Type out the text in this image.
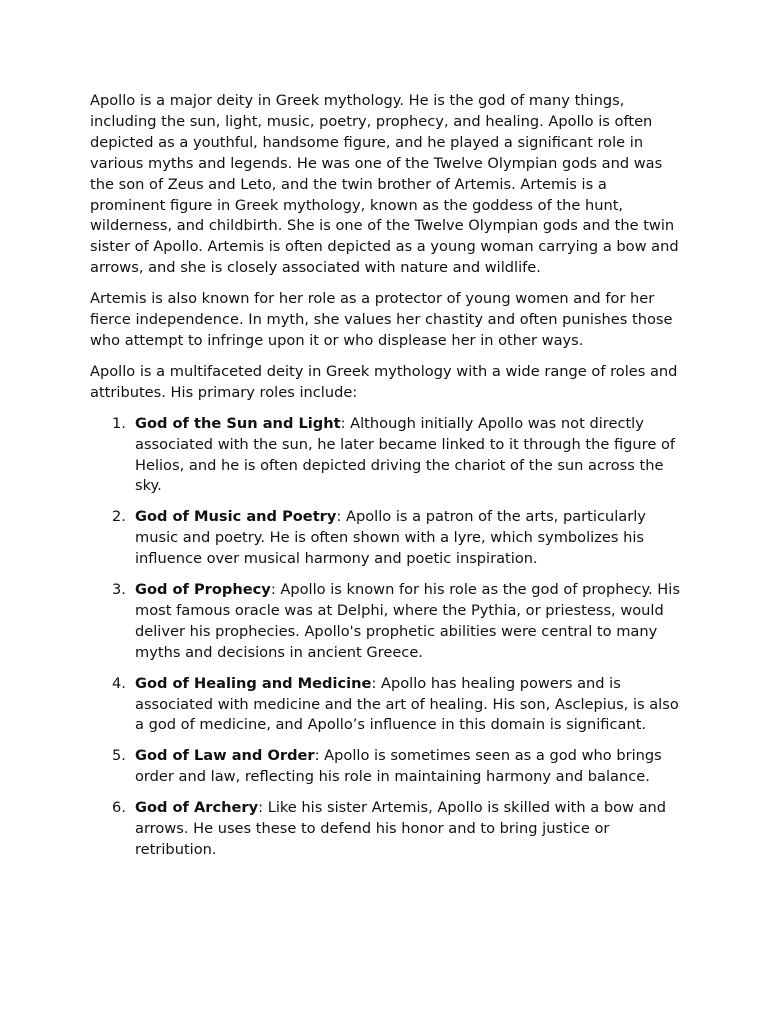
Apollo is a major deity in Greek mythology. He is the god of many things, including the sun, light, music, poetry, prophecy, and healing. Apollo is often depicted as a youthful, handsome figure, and he played a significant role in various myths and legends. He was one of the Twelve Olympian gods and was the son of Zeus and Leto, and the twin brother of Artemis. Artemis is a prominent figure in Greek mythology, known as the goddess of the hunt, wilderness, and childbirth. She is one of the Twelve Olympian gods and the twin sister of Apollo. Artemis is often depicted as a young woman carrying a bow and arrows, and she is closely associated with nature and wildlife.

Artemis is also known for her role as a protector of young women and for her fierce independence. In myth, she values her chastity and often punishes those who attempt to infringe upon it or who displease her in other ways.

Apollo is a multifaceted deity in Greek mythology with a wide range of roles and attributes. His primary roles include:

1. God of the Sun and Light: Although initially Apollo was not directly associated with the sun, he later became linked to it through the figure of Helios, and he is often depicted driving the chariot of the sun across the sky.
2. God of Music and Poetry: Apollo is a patron of the arts, particularly music and poetry. He is often shown with a lyre, which symbolizes his influence over musical harmony and poetic inspiration.
3. God of Prophecy: Apollo is known for his role as the god of prophecy. His most famous oracle was at Delphi, where the Pythia, or priestess, would deliver his prophecies. Apollo's prophetic abilities were central to many myths and decisions in ancient Greece.
4. God of Healing and Medicine: Apollo has healing powers and is associated with medicine and the art of healing. His son, Asclepius, is also a god of medicine, and Apollo’s influence in this domain is significant.
5. God of Law and Order: Apollo is sometimes seen as a god who brings order and law, reflecting his role in maintaining harmony and balance.
6. God of Archery: Like his sister Artemis, Apollo is skilled with a bow and arrows. He uses these to defend his honor and to bring justice or retribution.
